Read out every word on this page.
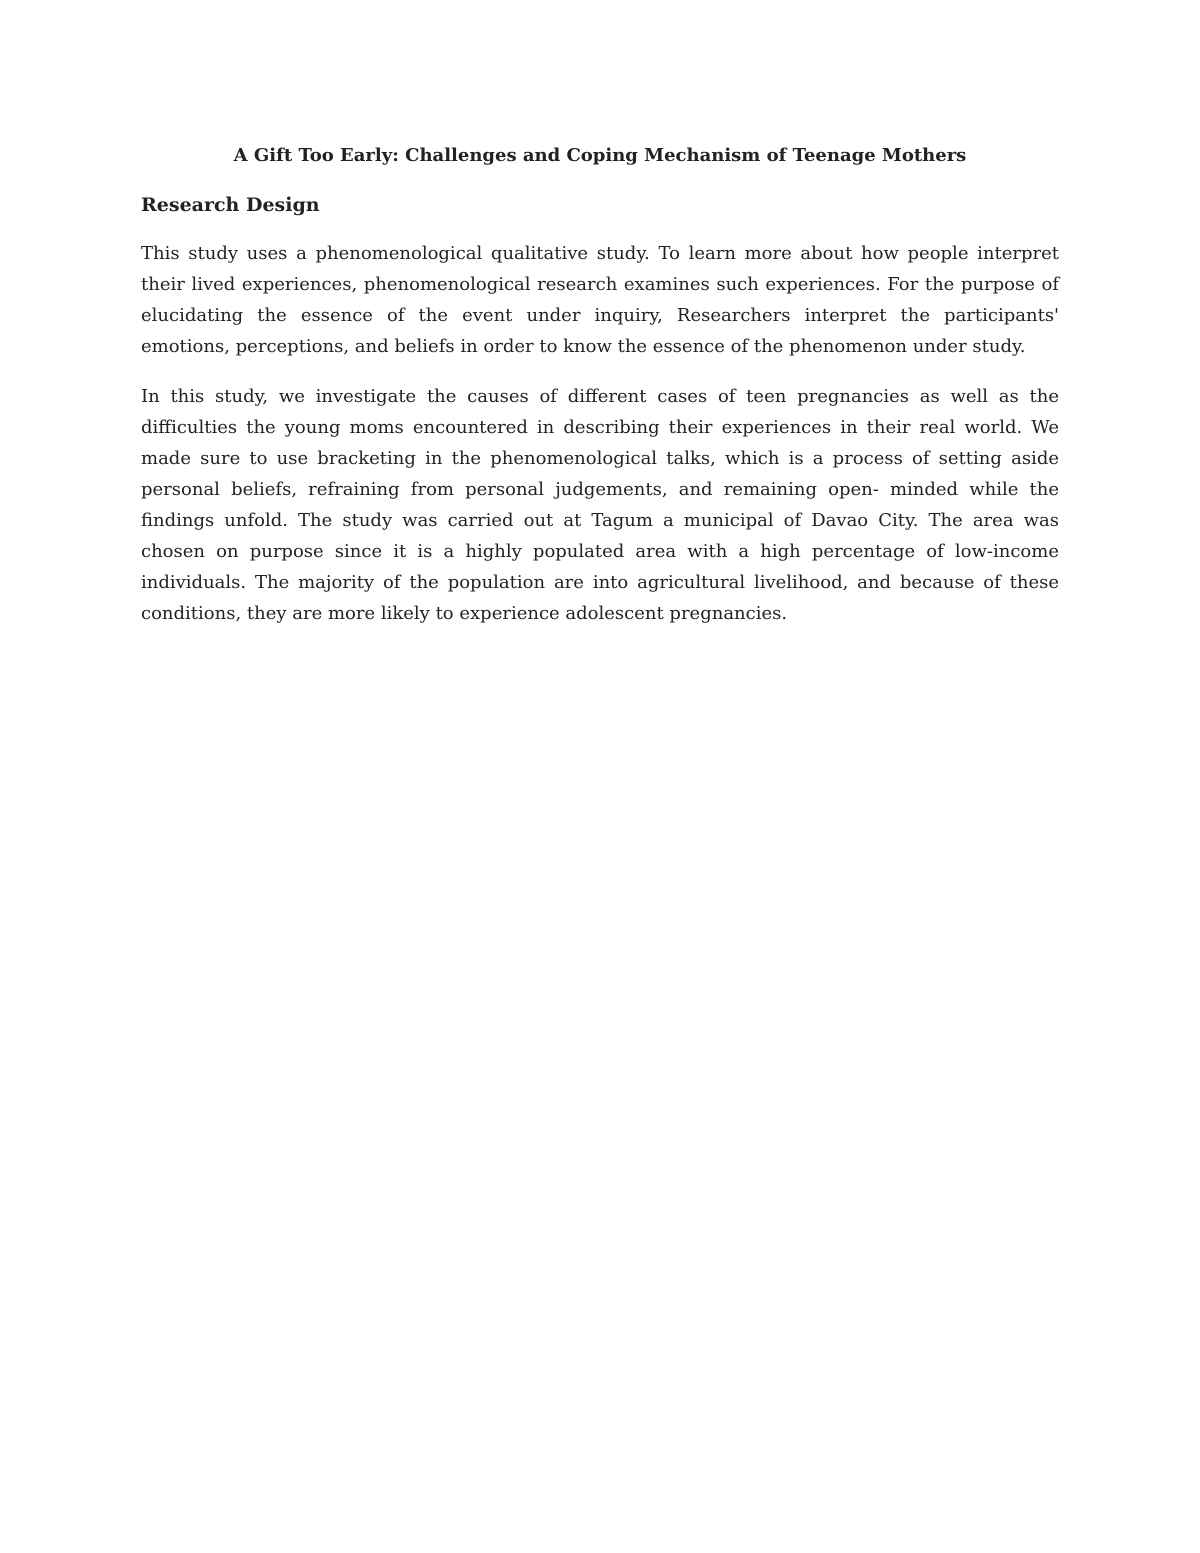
A Gift Too Early: Challenges and Coping Mechanism of Teenage Mothers
Research Design

This study uses a phenomenological qualitative study. To learn more about how people interpret their lived experiences, phenomenological research examines such experiences. For the purpose of elucidating the essence of the event under inquiry, Researchers interpret the participants' emotions, perceptions, and beliefs in order to know the essence of the phenomenon under study.

In this study, we investigate the causes of different cases of teen pregnancies as well as the difficulties the young moms encountered in describing their experiences in their real world. We made sure to use bracketing in the phenomenological talks, which is a process of setting aside personal beliefs, refraining from personal judgements, and remaining open- minded while the findings unfold. The study was carried out at Tagum a municipal of Davao City. The area was chosen on purpose since it is a highly populated area with a high percentage of low-income individuals. The majority of the population are into agricultural livelihood, and because of these conditions, they are more likely to experience adolescent pregnancies.
